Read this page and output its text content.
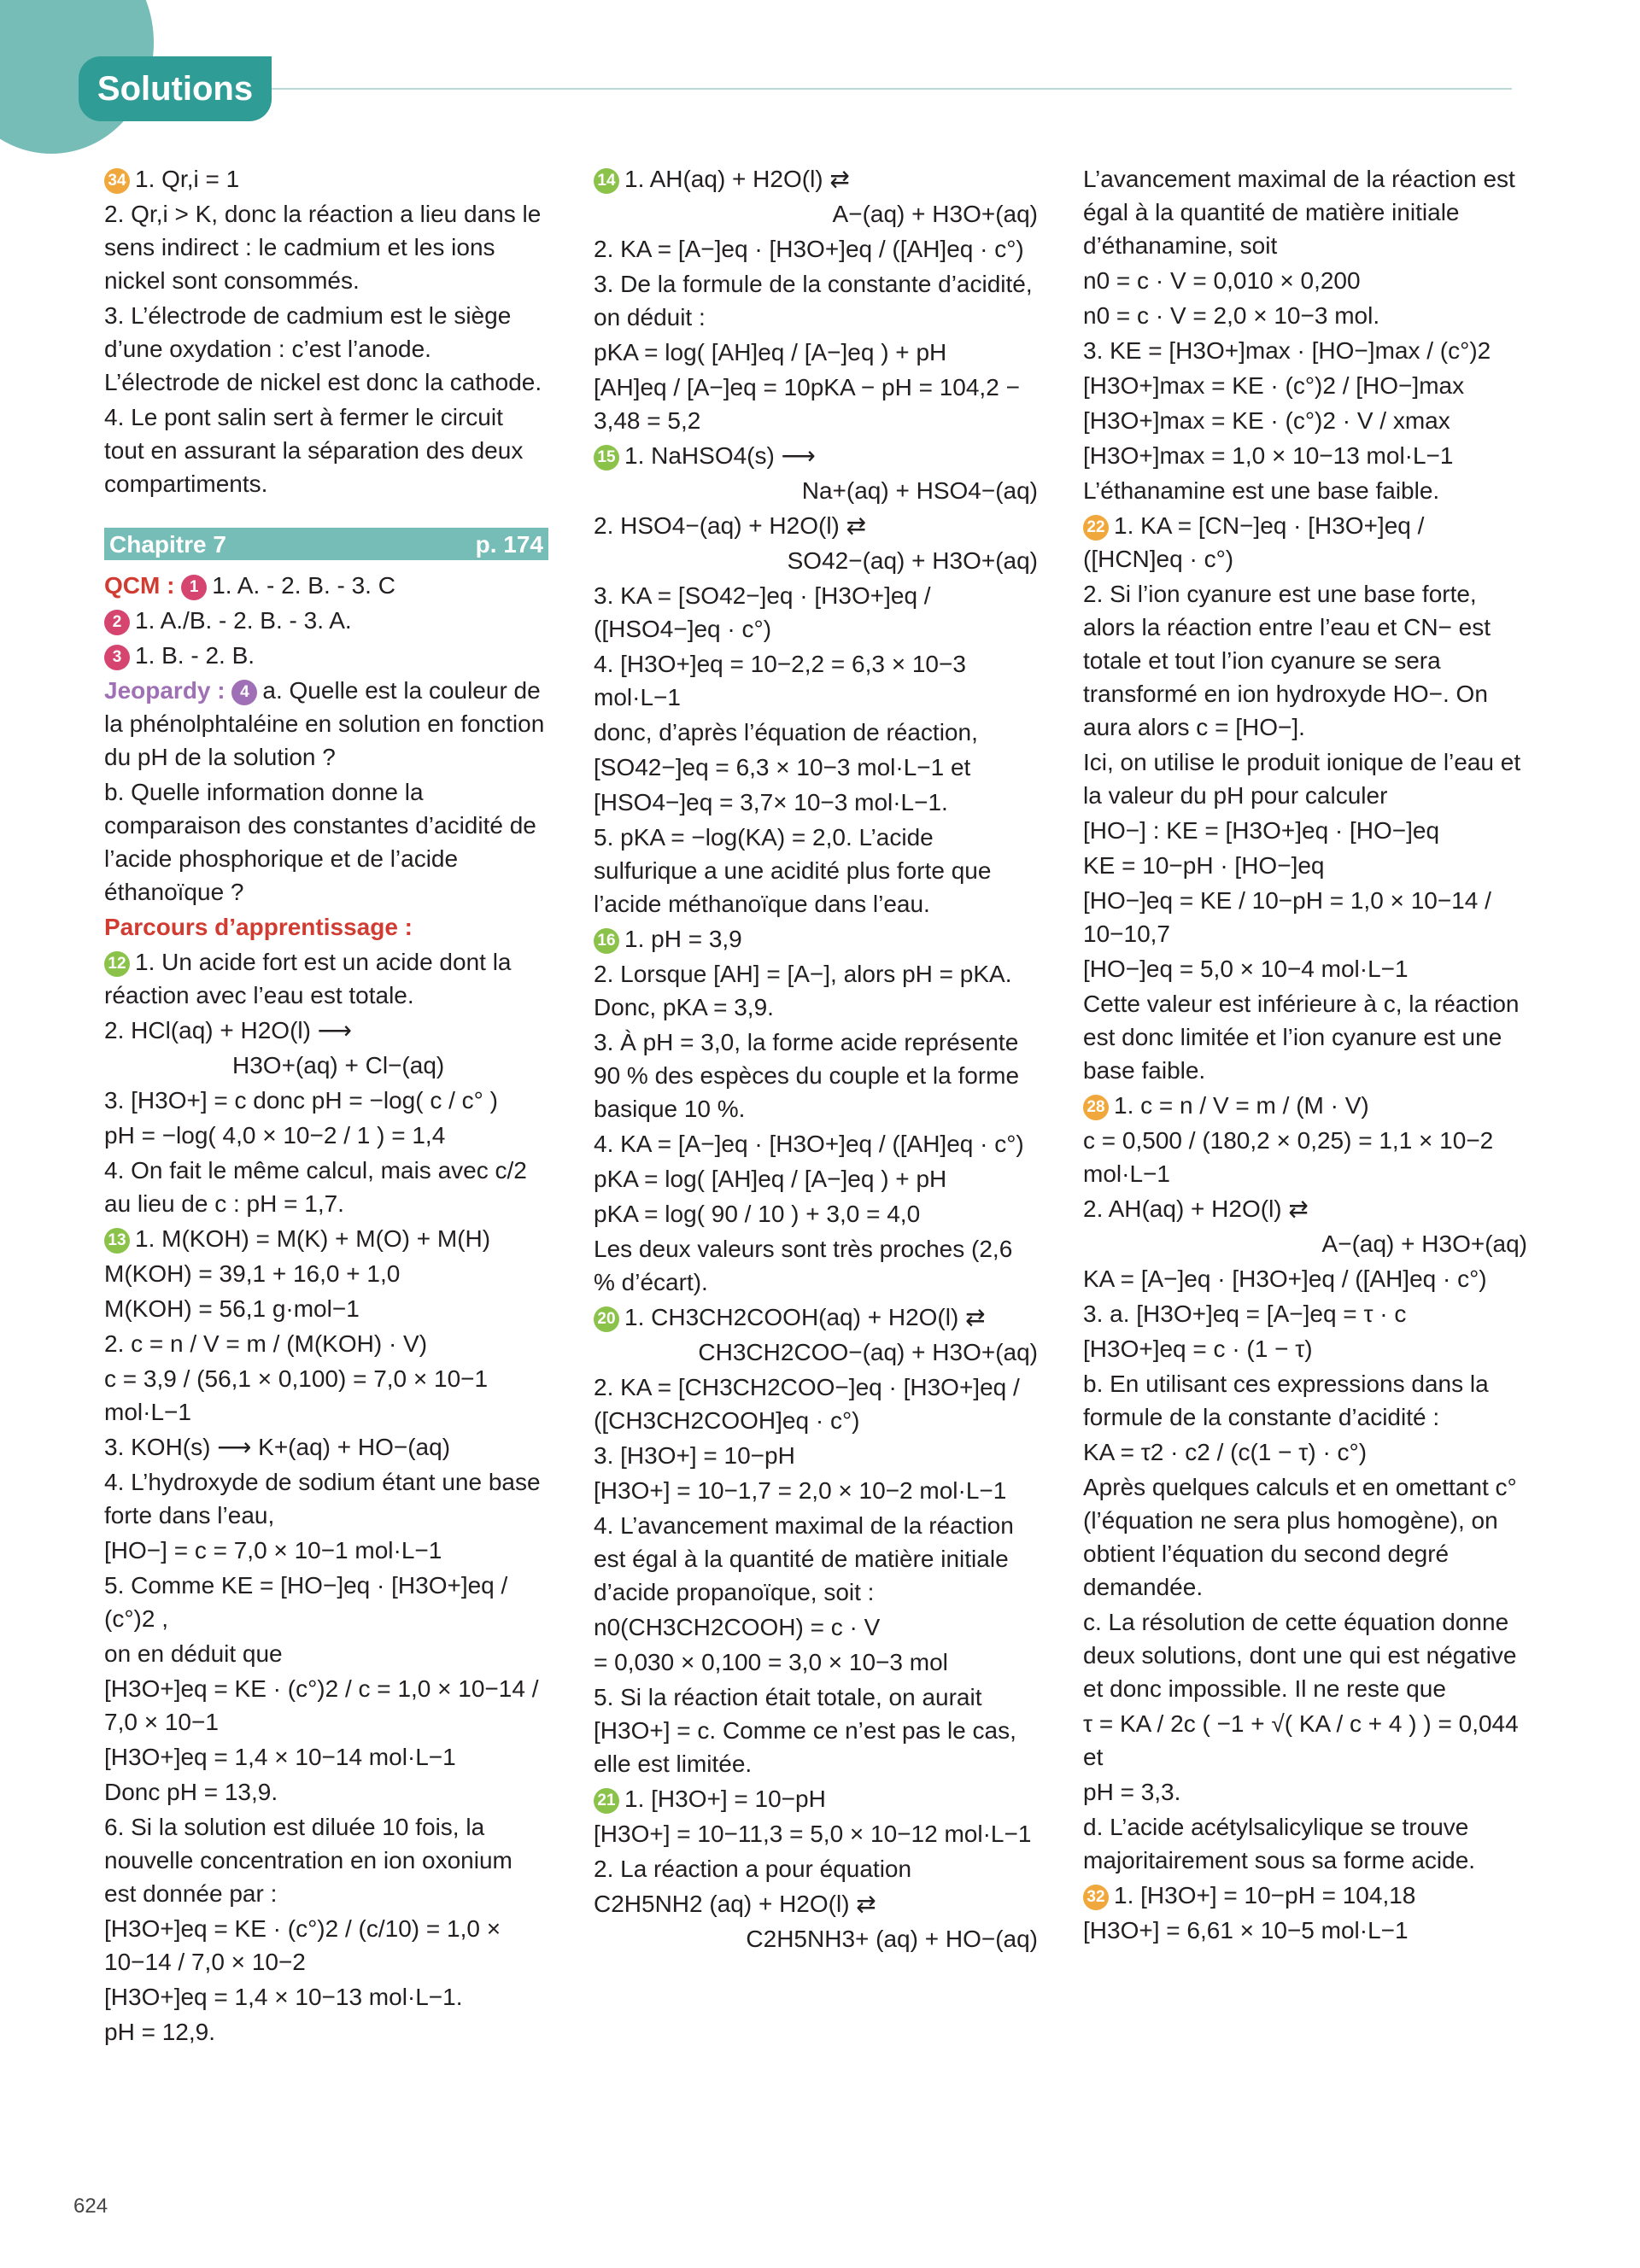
Solutions
34 1. Qr,i = 1
2. Qr,i > K, donc la réaction a lieu dans le sens indirect : le cadmium et les ions nickel sont consommés.
3. L’électrode de cadmium est le siège d’une oxydation : c’est l’anode. L’électrode de nickel est donc la cathode.
4. Le pont salin sert à fermer le circuit tout en assurant la séparation des deux compartiments.
Chapitre 7	p. 174
QCM : 1 1. A. - 2. B. - 3. C
2 1. A./B. - 2. B. - 3. A.
3 1. B. - 2. B.
Jeopardy : 4 a. Quelle est la couleur de la phénolphtaléine en solution en fonction du pH de la solution ?
b. Quelle information donne la comparaison des constantes d’acidité de l’acide phosphorique et de l’acide éthanoïque ?
Parcours d’apprentissage :
12 1. Un acide fort est un acide dont la réaction avec l’eau est totale.
2. HCl(aq) + H2O(l) ⟶
H3O+(aq) + Cl−(aq)
3. [H3O+] = c donc pH = −log( c / c° )
pH = −log( 4,0 × 10−2 / 1 ) = 1,4
4. On fait le même calcul, mais avec c/2 au lieu de c : pH = 1,7.
13 1. M(KOH) = M(K) + M(O) + M(H)
M(KOH) = 39,1 + 16,0 + 1,0
M(KOH) = 56,1 g·mol−1
2. c = n / V = m / (M(KOH) · V)
c = 3,9 / (56,1 × 0,100) = 7,0 × 10−1 mol·L−1
3. KOH(s) ⟶ K+(aq) + HO−(aq)
4. L’hydroxyde de sodium étant une base forte dans l’eau,
[HO−] = c = 7,0 × 10−1 mol·L−1
5. Comme KE = [HO−]eq · [H3O+]eq / (c°)2 ,
on en déduit que
[H3O+]eq = KE · (c°)2 / c = 1,0 × 10−14 / 7,0 × 10−1
[H3O+]eq = 1,4 × 10−14 mol·L−1
Donc pH = 13,9.
6. Si la solution est diluée 10 fois, la nouvelle concentration en ion oxonium est donnée par :
[H3O+]eq = KE · (c°)2 / (c/10) = 1,0 × 10−14 / 7,0 × 10−2
[H3O+]eq = 1,4 × 10−13 mol·L−1.
pH = 12,9.
14 1. AH(aq) + H2O(l) ⇄
A−(aq) + H3O+(aq)
2. KA = [A−]eq · [H3O+]eq / ([AH]eq · c°)
3. De la formule de la constante d’acidité, on déduit :
pKA = log( [AH]eq / [A−]eq ) + pH
[AH]eq / [A−]eq = 10pKA − pH = 104,2 − 3,48 = 5,2
15 1. NaHSO4(s) ⟶
Na+(aq) + HSO4−(aq)
2. HSO4−(aq) + H2O(l) ⇄
SO42−(aq) + H3O+(aq)
3. KA = [SO42−]eq · [H3O+]eq / ([HSO4−]eq · c°)
4. [H3O+]eq = 10−2,2 = 6,3 × 10−3 mol·L−1
donc, d’après l’équation de réaction,
[SO42−]eq = 6,3 × 10−3 mol·L−1 et
[HSO4−]eq = 3,7× 10−3 mol·L−1.
5. pKA = −log(KA) = 2,0. L’acide sulfurique a une acidité plus forte que l’acide méthanoïque dans l’eau.
16 1. pH = 3,9
2. Lorsque [AH] = [A−], alors pH = pKA. Donc, pKA = 3,9.
3. À pH = 3,0, la forme acide représente 90 % des espèces du couple et la forme basique 10 %.
4. KA = [A−]eq · [H3O+]eq / ([AH]eq · c°)
pKA = log( [AH]eq / [A−]eq ) + pH
pKA = log( 90 / 10 ) + 3,0 = 4,0
Les deux valeurs sont très proches (2,6 % d’écart).
20 1. CH3CH2COOH(aq) + H2O(l) ⇄
CH3CH2COO−(aq) + H3O+(aq)
2. KA = [CH3CH2COO−]eq · [H3O+]eq / ([CH3CH2COOH]eq · c°)
3. [H3O+] = 10−pH
[H3O+] = 10−1,7 = 2,0 × 10−2 mol·L−1
4. L’avancement maximal de la réaction est égal à la quantité de matière initiale d’acide propanoïque, soit :
n0(CH3CH2COOH) = c · V
= 0,030 × 0,100 = 3,0 × 10−3 mol
5. Si la réaction était totale, on aurait [H3O+] = c. Comme ce n’est pas le cas, elle est limitée.
21 1. [H3O+] = 10−pH
[H3O+] = 10−11,3 = 5,0 × 10−12 mol·L−1
2. La réaction a pour équation
C2H5NH2 (aq) + H2O(l) ⇄
C2H5NH3+ (aq) + HO−(aq)
L’avancement maximal de la réaction est égal à la quantité de matière initiale d’éthanamine, soit
n0 = c · V = 0,010 × 0,200
n0 = c · V = 2,0 × 10−3 mol.
3. KE = [H3O+]max · [HO−]max / (c°)2
[H3O+]max = KE · (c°)2 / [HO−]max
[H3O+]max = KE · (c°)2 · V / xmax
[H3O+]max = 1,0 × 10−13 mol·L−1
L’éthanamine est une base faible.
22 1. KA = [CN−]eq · [H3O+]eq / ([HCN]eq · c°)
2. Si l’ion cyanure est une base forte, alors la réaction entre l’eau et CN− est totale et tout l’ion cyanure se sera transformé en ion hydroxyde HO−. On aura alors c = [HO−].
Ici, on utilise le produit ionique de l’eau et la valeur du pH pour calculer
[HO−] : KE = [H3O+]eq · [HO−]eq
KE = 10−pH · [HO−]eq
[HO−]eq = KE / 10−pH = 1,0 × 10−14 / 10−10,7
[HO−]eq = 5,0 × 10−4 mol·L−1
Cette valeur est inférieure à c, la réaction est donc limitée et l’ion cyanure est une base faible.
28 1. c = n / V = m / (M · V)
c = 0,500 / (180,2 × 0,25) = 1,1 × 10−2 mol·L−1
2. AH(aq) + H2O(l) ⇄
A−(aq) + H3O+(aq)
KA = [A−]eq · [H3O+]eq / ([AH]eq · c°)
3. a. [H3O+]eq = [A−]eq = τ · c
[H3O+]eq = c · (1 − τ)
b. En utilisant ces expressions dans la formule de la constante d’acidité :
KA = τ2 · c2 / (c(1 − τ) · c°)
Après quelques calculs et en omettant c° (l’équation ne sera plus homogène), on obtient l’équation du second degré demandée.
c. La résolution de cette équation donne deux solutions, dont une qui est négative et donc impossible. Il ne reste que
τ = KA / 2c ( −1 + √( KA / c + 4 ) ) = 0,044 et
pH = 3,3.
d. L’acide acétylsalicylique se trouve majoritairement sous sa forme acide.
32 1. [H3O+] = 10−pH = 104,18
[H3O+] = 6,61 × 10−5 mol·L−1
624
